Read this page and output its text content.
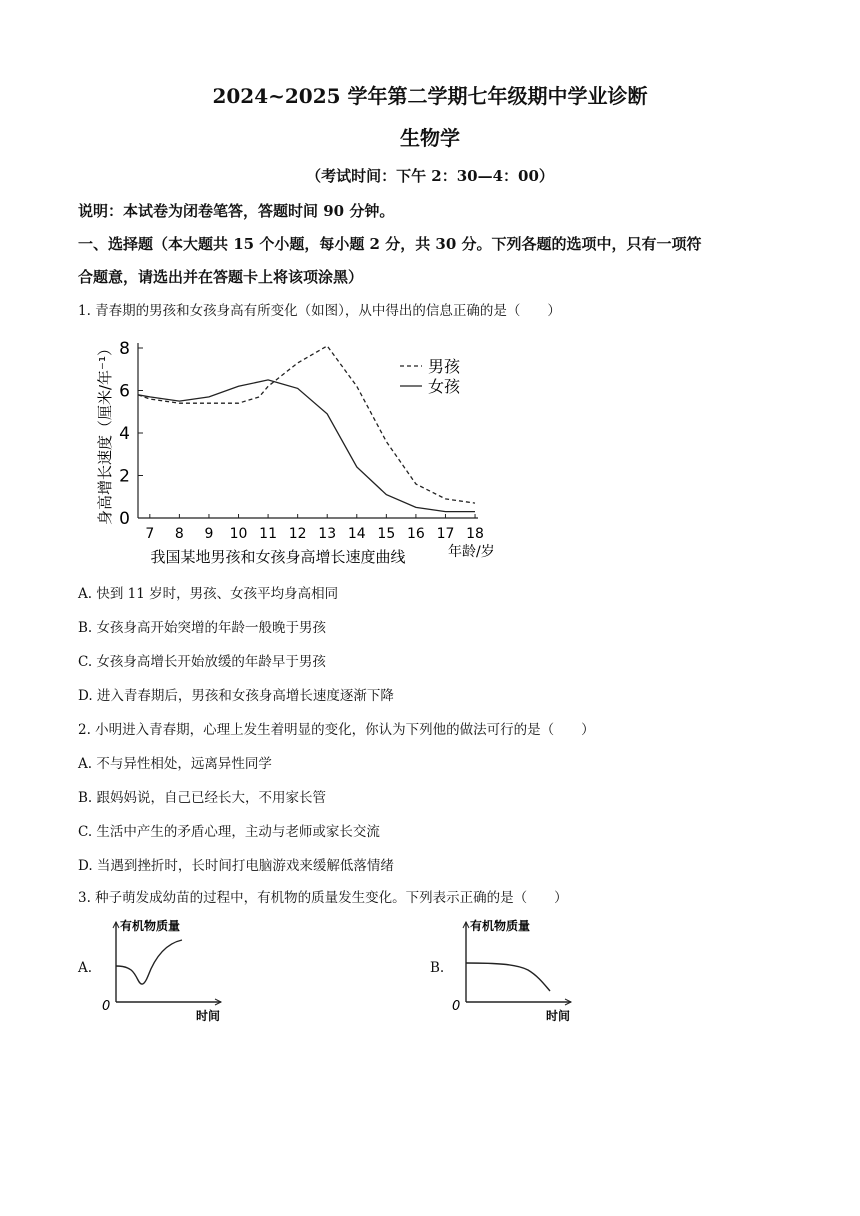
2024~2025 学年第二学期七年级期中学业诊断
生物学
（考试时间：下午 2：30—4：00）
说明：本试卷为闭卷笔答，答题时间 90 分钟。
一、选择题（本大题共 15 个小题，每小题 2 分，共 30 分。下列各题的选项中，只有一项符
合题意，请选出并在答题卡上将该项涂黑）
1. 青春期的男孩和女孩身高有所变化（如图），从中得出的信息正确的是（　　）
0
2
4
6
8
7 8 9 10 11 12 13 14 15 16 17 18
身高增长速度（厘米/年⁻¹）
年龄/岁
我国某地男孩和女孩身高增长速度曲线
男孩
女孩
A. 快到 11 岁时，男孩、女孩平均身高相同
B. 女孩身高开始突增的年龄一般晚于男孩
C. 女孩身高增长开始放缓的年龄早于男孩
D. 进入青春期后，男孩和女孩身高增长速度逐渐下降
2. 小明进入青春期，心理上发生着明显的变化，你认为下列他的做法可行的是（　　）
A. 不与异性相处，远离异性同学
B. 跟妈妈说，自己已经长大，不用家长管
C. 生活中产生的矛盾心理，主动与老师或家长交流
D. 当遇到挫折时，长时间打电脑游戏来缓解低落情绪
3. 种子萌发成幼苗的过程中，有机物的质量发生变化。下列表示正确的是（　　）
A.	B.
有机物质量
时间
0
有机物质量
时间
0
